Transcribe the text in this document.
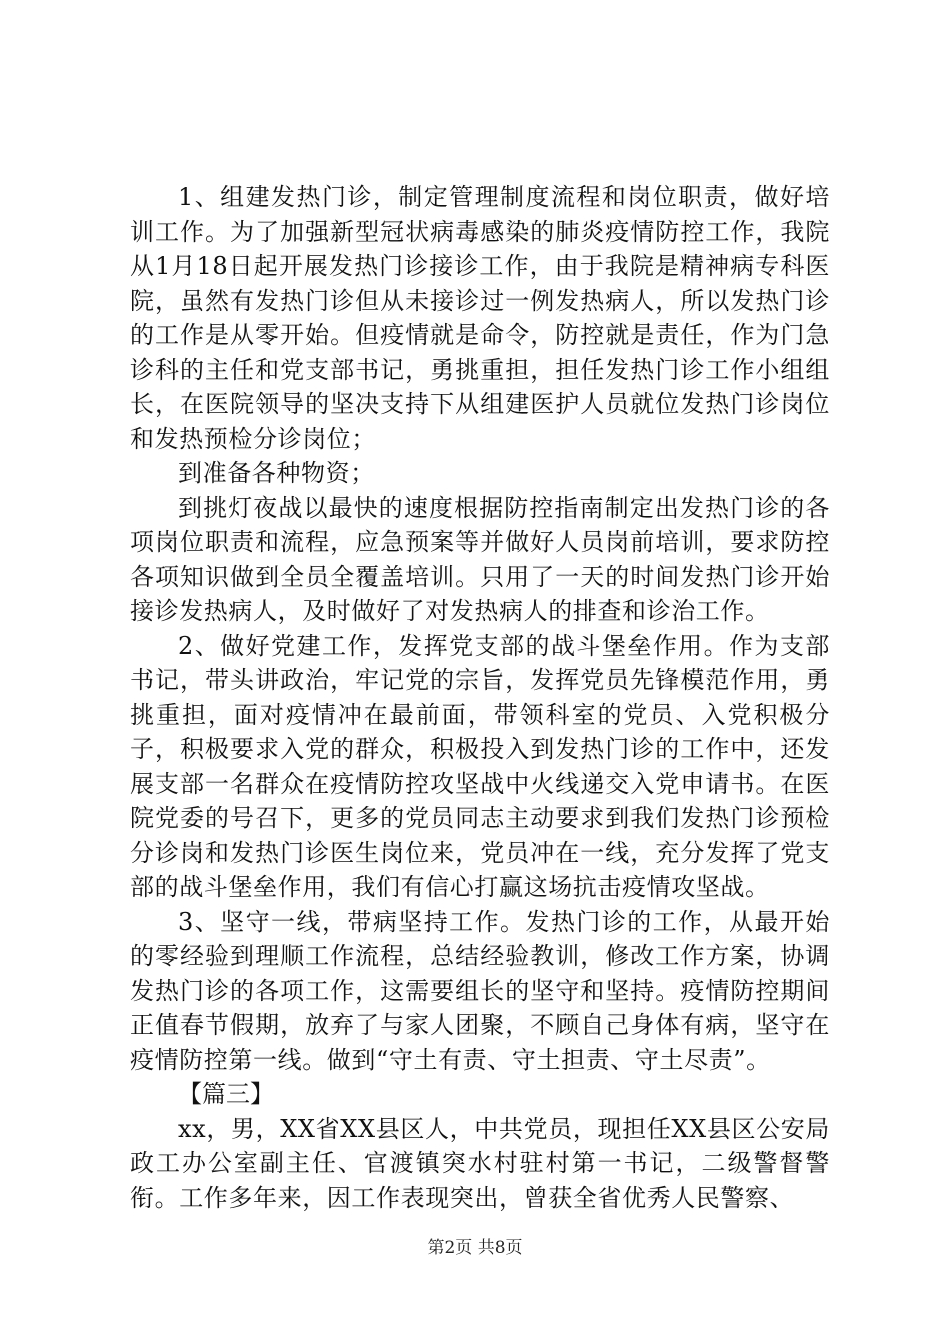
1、组建发热门诊，制定管理制度流程和岗位职责，做好培训工作。为了加强新型冠状病毒感染的肺炎疫情防控工作，我院从1月18日起开展发热门诊接诊工作，由于我院是精神病专科医院，虽然有发热门诊但从未接诊过一例发热病人，所以发热门诊的工作是从零开始。但疫情就是命令，防控就是责任，作为门急诊科的主任和党支部书记，勇挑重担，担任发热门诊工作小组组长，在医院领导的坚决支持下从组建医护人员就位发热门诊岗位和发热预检分诊岗位；

到准备各种物资；

到挑灯夜战以最快的速度根据防控指南制定出发热门诊的各项岗位职责和流程，应急预案等并做好人员岗前培训，要求防控各项知识做到全员全覆盖培训。只用了一天的时间发热门诊开始接诊发热病人，及时做好了对发热病人的排查和诊治工作。

2、做好党建工作，发挥党支部的战斗堡垒作用。作为支部书记，带头讲政治，牢记党的宗旨，发挥党员先锋模范作用，勇挑重担，面对疫情冲在最前面，带领科室的党员、入党积极分子，积极要求入党的群众，积极投入到发热门诊的工作中，还发展支部一名群众在疫情防控攻坚战中火线递交入党申请书。在医院党委的号召下，更多的党员同志主动要求到我们发热门诊预检分诊岗和发热门诊医生岗位来，党员冲在一线，充分发挥了党支部的战斗堡垒作用，我们有信心打赢这场抗击疫情攻坚战。

3、坚守一线，带病坚持工作。发热门诊的工作，从最开始的零经验到理顺工作流程，总结经验教训，修改工作方案，协调发热门诊的各项工作，这需要组长的坚守和坚持。疫情防控期间正值春节假期，放弃了与家人团聚，不顾自己身体有病，坚守在疫情防控第一线。做到“守土有责、守土担责、守土尽责”。

【篇三】

xx，男，XX省XX县区人，中共党员，现担任XX县区公安局政工办公室副主任、官渡镇突水村驻村第一书记，二级警督警衔。工作多年来，因工作表现突出，曾获全省优秀人民警察、

第2页 共8页
